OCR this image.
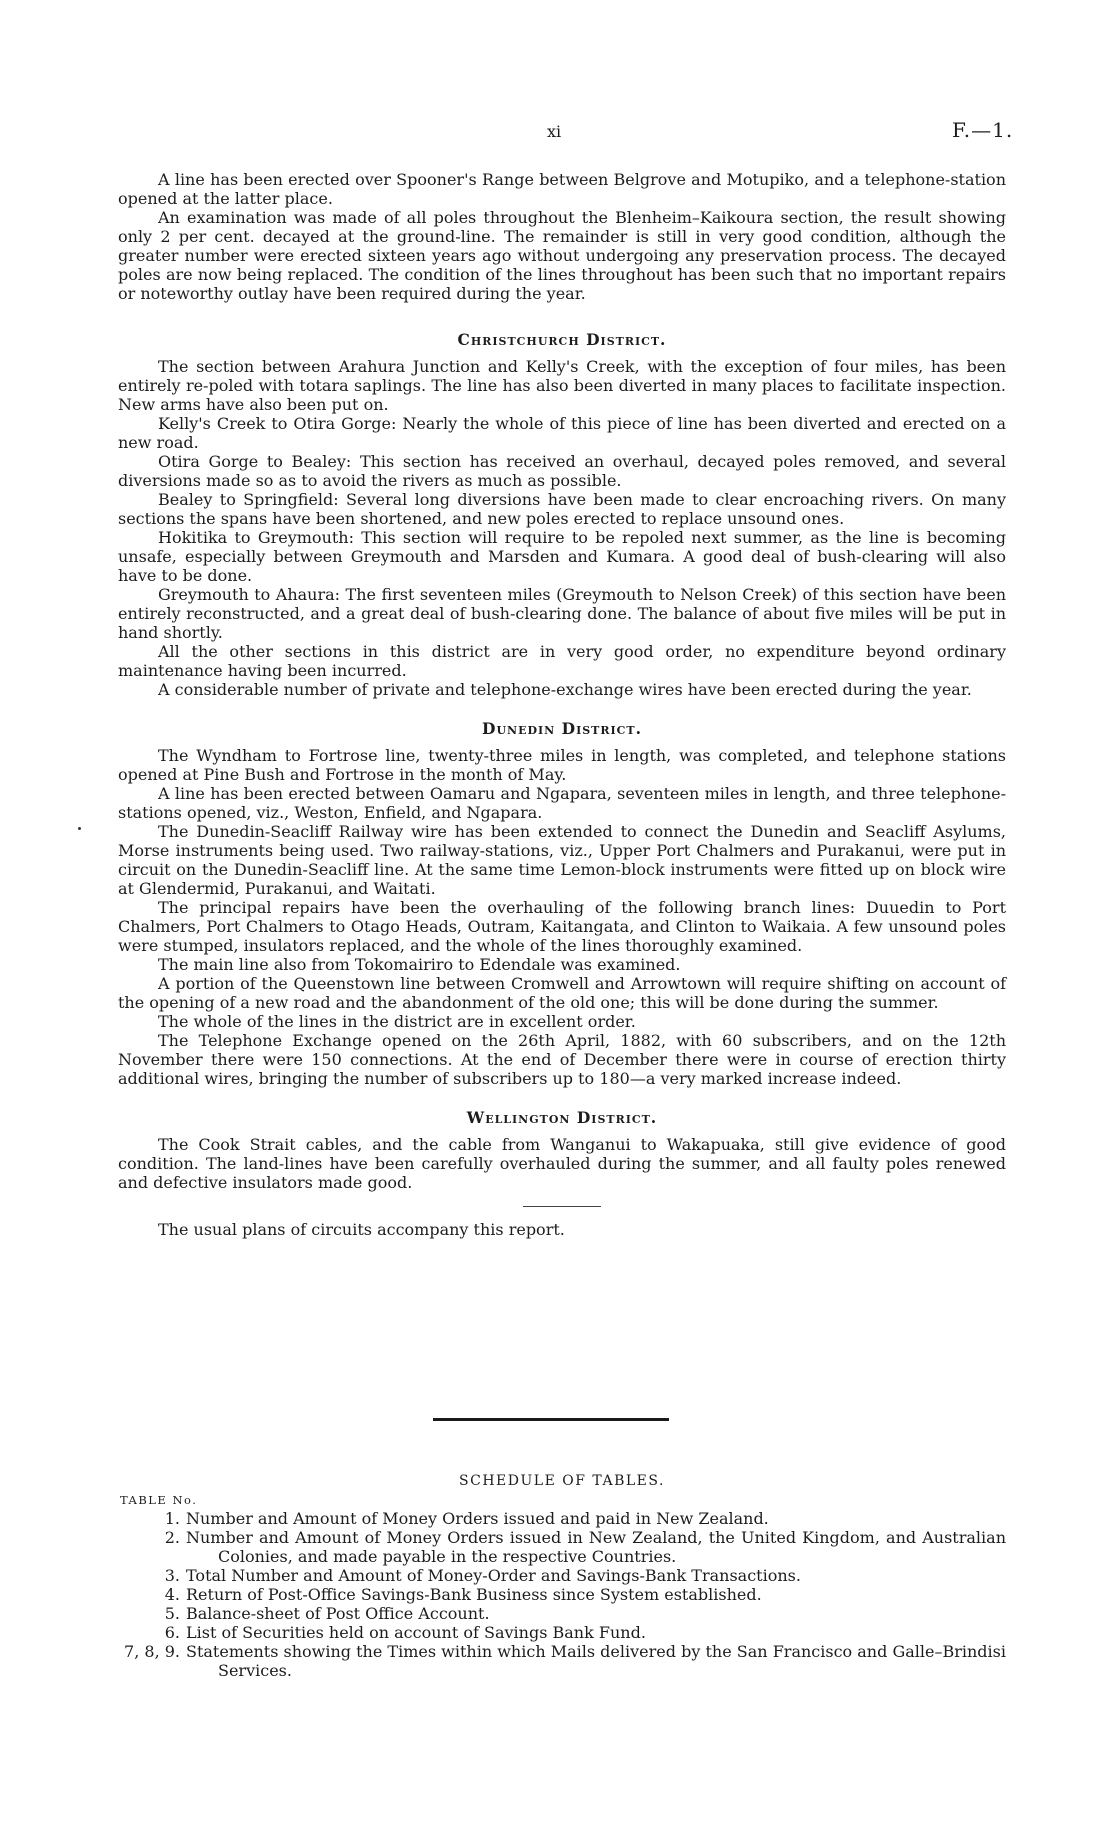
xi	F.—1.

A line has been erected over Spooner's Range between Belgrove and Motupiko, and a telephone-station opened at the latter place.

An examination was made of all poles throughout the Blenheim–Kaikoura section, the result showing only 2 per cent. decayed at the ground-line. The remainder is still in very good condition, although the greater number were erected sixteen years ago without undergoing any preservation process. The decayed poles are now being replaced. The condition of the lines throughout has been such that no important repairs or noteworthy outlay have been required during the year.

Christchurch District.

The section between Arahura Junction and Kelly's Creek, with the exception of four miles, has been entirely re-poled with totara saplings. The line has also been diverted in many places to facilitate inspection. New arms have also been put on.

Kelly's Creek to Otira Gorge: Nearly the whole of this piece of line has been diverted and erected on a new road.

Otira Gorge to Bealey: This section has received an overhaul, decayed poles removed, and several diversions made so as to avoid the rivers as much as possible.

Bealey to Springfield: Several long diversions have been made to clear encroaching rivers. On many sections the spans have been shortened, and new poles erected to replace unsound ones.

Hokitika to Greymouth: This section will require to be repoled next summer, as the line is becoming unsafe, especially between Greymouth and Marsden and Kumara. A good deal of bush-clearing will also have to be done.

Greymouth to Ahaura: The first seventeen miles (Greymouth to Nelson Creek) of this section have been entirely reconstructed, and a great deal of bush-clearing done. The balance of about five miles will be put in hand shortly.

All the other sections in this district are in very good order, no expenditure beyond ordinary maintenance having been incurred.

A considerable number of private and telephone-exchange wires have been erected during the year.

Dunedin District.

The Wyndham to Fortrose line, twenty-three miles in length, was completed, and telephone stations opened at Pine Bush and Fortrose in the month of May.

A line has been erected between Oamaru and Ngapara, seventeen miles in length, and three telephone-stations opened, viz., Weston, Enfield, and Ngapara.

The Dunedin-Seacliff Railway wire has been extended to connect the Dunedin and Seacliff Asylums, Morse instruments being used. Two railway-stations, viz., Upper Port Chalmers and Purakanui, were put in circuit on the Dunedin-Seacliff line. At the same time Lemon-block instruments were fitted up on block wire at Glendermid, Purakanui, and Waitati.

The principal repairs have been the overhauling of the following branch lines: Duuedin to Port Chalmers, Port Chalmers to Otago Heads, Outram, Kaitangata, and Clinton to Waikaia. A few unsound poles were stumped, insulators replaced, and the whole of the lines thoroughly examined.

The main line also from Tokomairiro to Edendale was examined.

A portion of the Queenstown line between Cromwell and Arrowtown will require shifting on account of the opening of a new road and the abandonment of the old one; this will be done during the summer.

The whole of the lines in the district are in excellent order.

The Telephone Exchange opened on the 26th April, 1882, with 60 subscribers, and on the 12th November there were 150 connections. At the end of December there were in course of erection thirty additional wires, bringing the number of subscribers up to 180—a very marked increase indeed.

Wellington District.

The Cook Strait cables, and the cable from Wanganui to Wakapuaka, still give evidence of good condition. The land-lines have been carefully overhauled during the summer, and all faulty poles renewed and defective insulators made good.

The usual plans of circuits accompany this report.

SCHEDULE OF TABLES.

TABLE No.

1. Number and Amount of Money Orders issued and paid in New Zealand.
2. Number and Amount of Money Orders issued in New Zealand, the United Kingdom, and Australian Colonies, and made payable in the respective Countries.
3. Total Number and Amount of Money-Order and Savings-Bank Transactions.
4. Return of Post-Office Savings-Bank Business since System established.
5. Balance-sheet of Post Office Account.
6. List of Securities held on account of Savings Bank Fund.
7, 8, 9. Statements showing the Times within which Mails delivered by the San Francisco and Galle–Brindisi Services.
